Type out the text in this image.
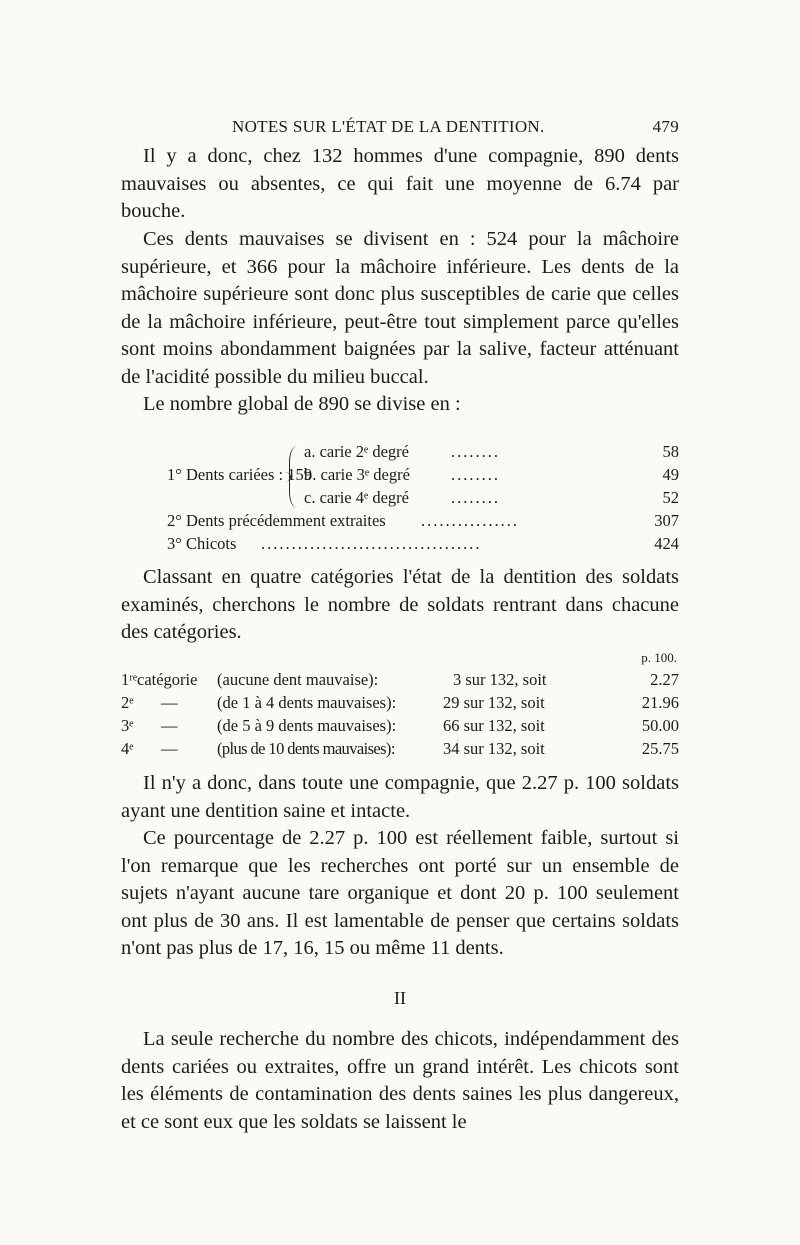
NOTES SUR L'ÉTAT DE LA DENTITION.	479

Il y a donc, chez 132 hommes d'une compagnie, 890 dents mauvaises ou absentes, ce qui fait une moyenne de 6.74 par bouche.

Ces dents mauvaises se divisent en : 524 pour la mâchoire supérieure, et 366 pour la mâchoire inférieure. Les dents de la mâchoire supérieure sont donc plus susceptibles de carie que celles de la mâchoire inférieure, peut-être tout simplement parce qu'elles sont moins abondamment baignées par la salive, facteur atténuant de l'acidité possible du milieu buccal.

Le nombre global de 890 se divise en :

1° Dents cariées : 159
a. carie 2ᵉ degré	........	58
b. carie 3ᵉ degré ........	49
c. carie 4ᵉ degré	........	52
2° Dents précédemment extraites ................	307
3° Chicots ....................................	424

Classant en quatre catégories l'état de la dentition des soldats examinés, cherchons le nombre de soldats rentrant dans chacune des catégories.

p. 100.
1ʳᵉ catégorie (aucune dent mauvaise):	3 sur 132, soit	2.27
2ᵉ — (de 1 à 4 dents mauvaises):	29 sur 132, soit	21.96
3ᵉ — (de 5 à 9 dents mauvaises):	66 sur 132, soit	50.00
4ᵉ — (plus de 10 dents mauvaises):	34 sur 132, soit	25.75

Il n'y a donc, dans toute une compagnie, que 2.27 p. 100 soldats ayant une dentition saine et intacte.

Ce pourcentage de 2.27 p. 100 est réellement faible, surtout si l'on remarque que les recherches ont porté sur un ensemble de sujets n'ayant aucune tare organique et dont 20 p. 100 seulement ont plus de 30 ans. Il est lamentable de penser que certains soldats n'ont pas plus de 17, 16, 15 ou même 11 dents.

II

La seule recherche du nombre des chicots, indépendamment des dents cariées ou extraites, offre un grand intérêt. Les chicots sont les éléments de contamination des dents saines les plus dangereux, et ce sont eux que les soldats se laissent le
